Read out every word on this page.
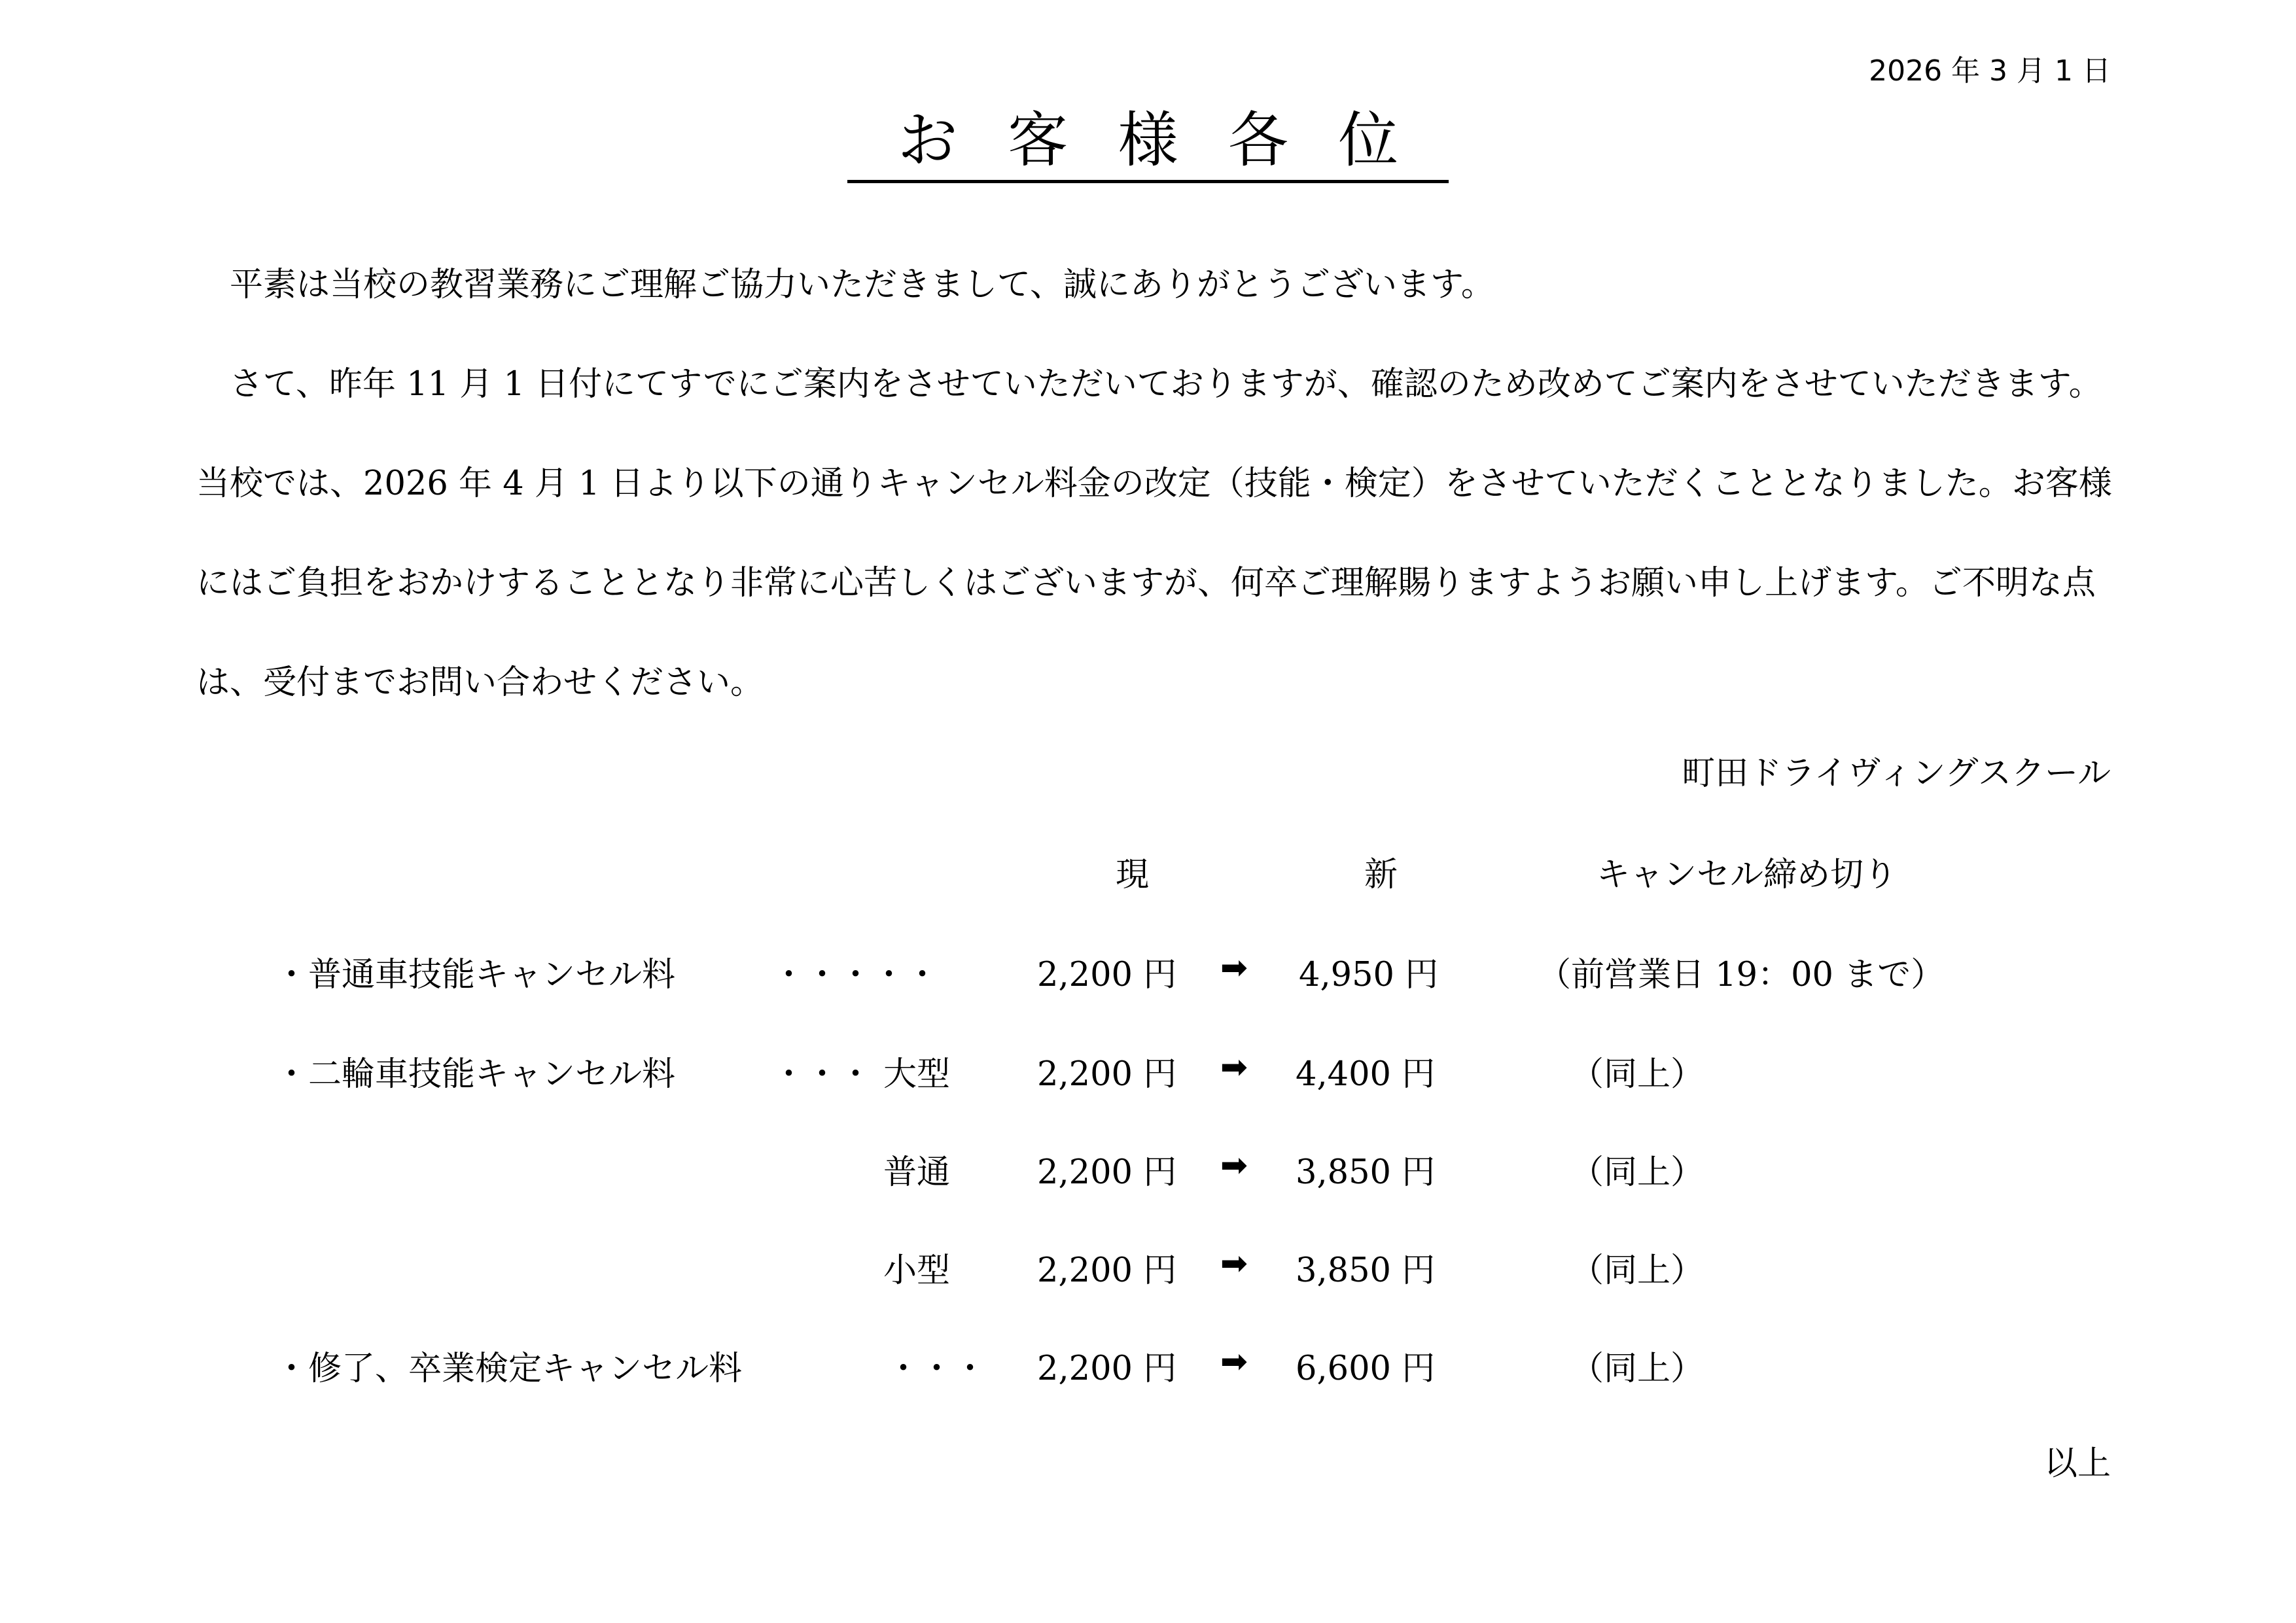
2026 年 3 月 1 日
お客様各位
平素は当校の教習業務にご理解ご協力いただきまして、誠にありがとうございます。
さて、昨年 11 月 1 日付にてすでにご案内をさせていただいておりますが、確認のため改めてご案内をさせていただきます。当校では、2026 年 4 月 1 日より以下の通りキャンセル料金の改定（技能・検定）をさせていただくこととなりました。お客様にはご負担をおかけすることとなり非常に心苦しくはございますが、何卒ご理解賜りますようお願い申し上げます。ご不明な点は、受付までお問い合わせください。
町田ドライヴィングスクール
現	新	キャンセル締め切り
・普通車技能キャンセル料	・・・・・	2,200 円 ➡ 4,950 円	（前営業日 19：00 まで）
・二輪車技能キャンセル料	・・・ 大型	2,200 円 ➡ 4,400 円	（同上）
普通	2,200 円 ➡ 3,850 円	（同上）
小型	2,200 円 ➡ 3,850 円	（同上）
・修了、卒業検定キャンセル料	・・・ 2,200 円 ➡ 6,600 円	（同上）
以上
